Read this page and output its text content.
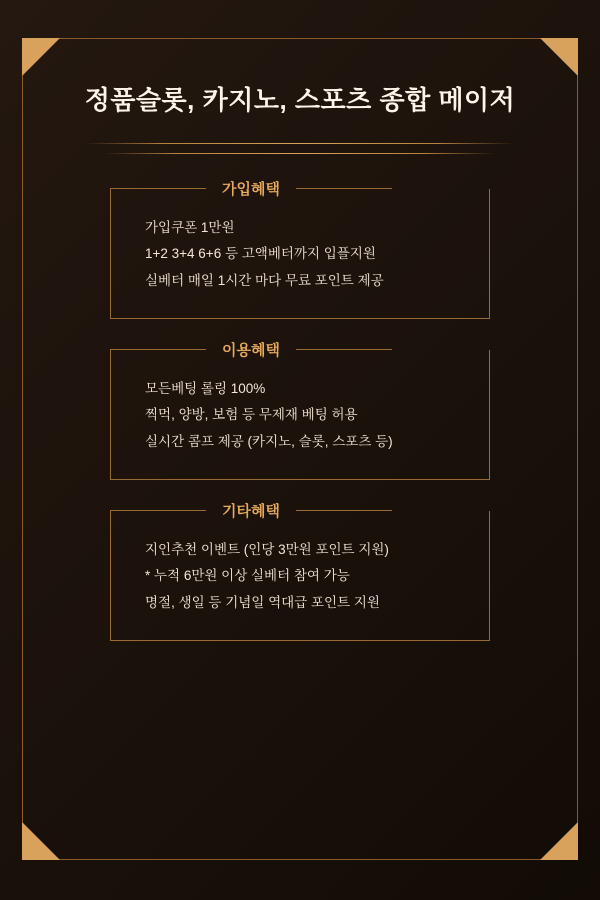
정품슬롯, 카지노, 스포츠 종합 메이저
가입혜택
가입쿠폰 1만원
1+2 3+4 6+6 등 고액베터까지 입플지원
실베터 매일 1시간 마다 무료 포인트 제공
이용혜택
모든베팅 롤링 100%
찍먹, 양방, 보험 등 무제재 베팅 허용
실시간 콤프 제공 (카지노, 슬롯, 스포츠 등)
기타혜택
지인추천 이벤트 (인당 3만원 포인트 지원)
* 누적 6만원 이상 실베터 참여 가능
명절, 생일 등 기념일 역대급 포인트 지원
